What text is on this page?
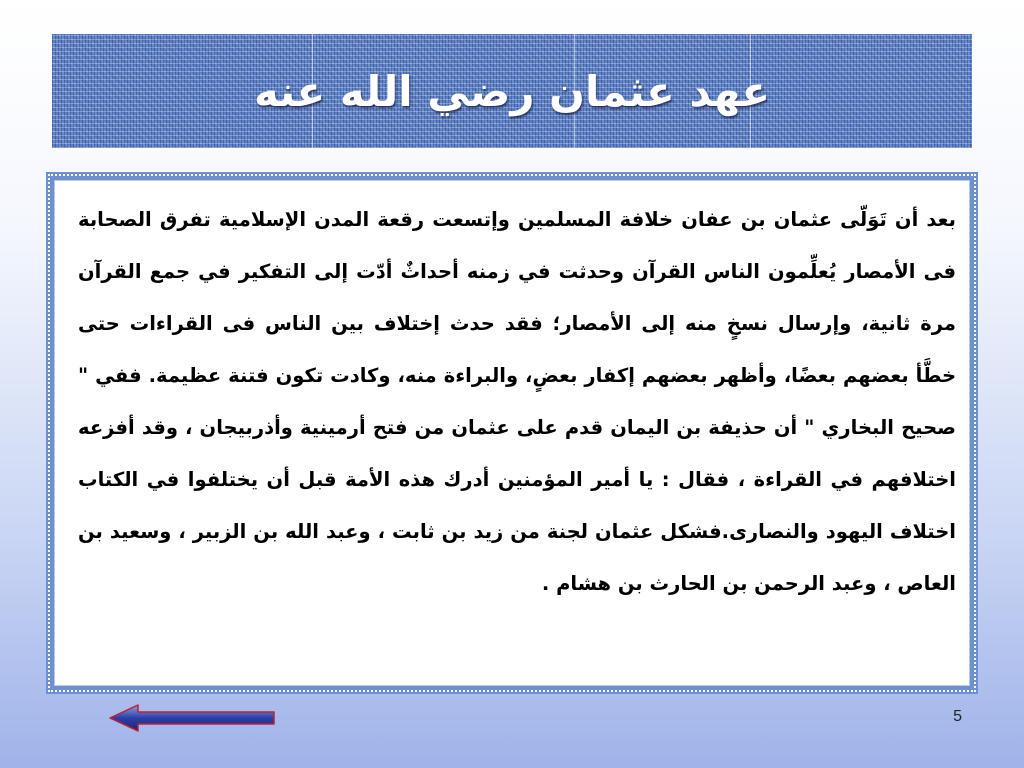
عهد عثمان رضي الله عنه

بعد أن تَوَلّى عثمان بن عفان خلافة المسلمين وإتسعت رقعة المدن الإسلامية تفرق الصحابة فى الأمصار يُعلِّمون الناس القرآن وحدثت في زمنه أحداثٌ أدّت إلى التفكير في جمع القرآن مرة ثانية، وإرسال نسخٍ منه إلى الأمصار؛ فقد حدث إختلاف بين الناس فى القراءات حتى خطَّأ بعضهم بعضًا، وأظهر بعضهم إكفار بعضٍ، والبراءة منه، وكادت تكون فتنة عظيمة. ففي " صحيح البخاري " أن حذيفة بن اليمان قدم على عثمان من فتح أرمينية وأذربيجان ، وقد أفزعه اختلافهم في القراءة ، فقال : يا أمير المؤمنين أدرك هذه الأمة قبل أن يختلفوا في الكتاب اختلاف اليهود والنصارى.فشكل عثمان لجنة من زيد بن ثابت ، وعبد الله بن الزبير ، وسعيد بن العاص ، وعبد الرحمن بن الحارث بن هشام .

5
